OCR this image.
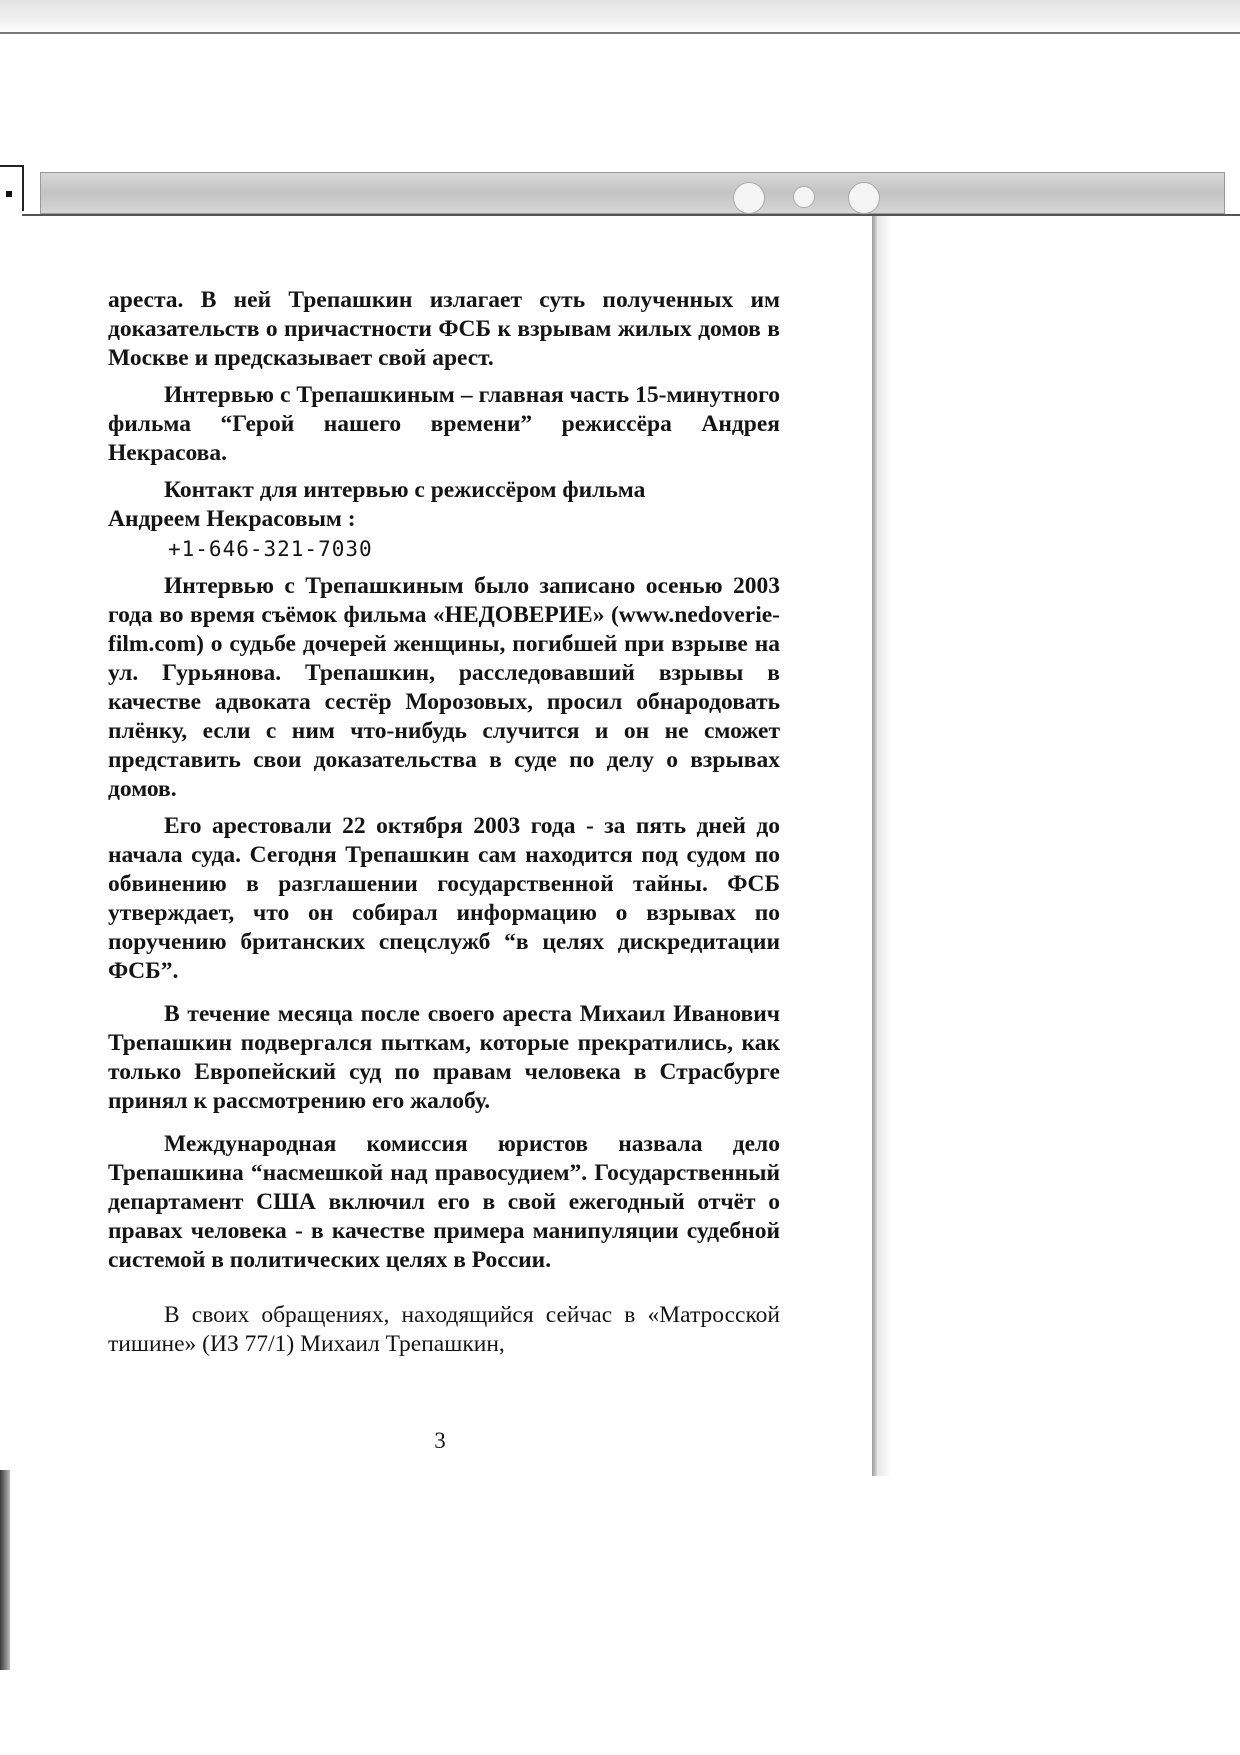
ареста. В ней Трепашкин излагает суть полученных им доказательств о причастности ФСБ к взрывам жилых домов в Москве и предсказывает свой арест.

Интервью с Трепашкиным – главная часть 15-минутного фильма “Герой нашего времени” режиссёра Андрея Некрасова.

Контакт для интервью с режиссёром фильма
Андреем Некрасовым :
+1-646-321-7030

Интервью с Трепашкиным было записано осенью 2003 года во время съёмок фильма «НЕДОВЕРИЕ» (www.nedoverie-film.com) о судьбе дочерей женщины, погибшей при взрыве на ул. Гурьянова. Трепашкин, расследовавший взрывы в качестве адвоката сестёр Морозовых, просил обнародовать плёнку, если с ним что-нибудь случится и он не сможет представить свои доказательства в суде по делу о взрывах домов.

Его арестовали 22 октября 2003 года - за пять дней до начала суда. Сегодня Трепашкин сам находится под судом по обвинению в разглашении государственной тайны. ФСБ утверждает, что он собирал информацию о взрывах по поручению британских спецслужб “в целях дискредитации ФСБ”.

В течение месяца после своего ареста Михаил Иванович Трепашкин подвергался пыткам, которые прекратились, как только Европейский суд по правам человека в Страсбурге принял к рассмотрению его жалобу.

Международная комиссия юристов назвала дело Трепашкина “насмешкой над правосудием”. Государственный департамент США включил его в свой ежегодный отчёт о правах человека - в качестве примера манипуляции судебной системой в политических целях в России.

В своих обращениях, находящийся сейчас в «Матросской тишине» (ИЗ 77/1) Михаил Трепашкин,

3
